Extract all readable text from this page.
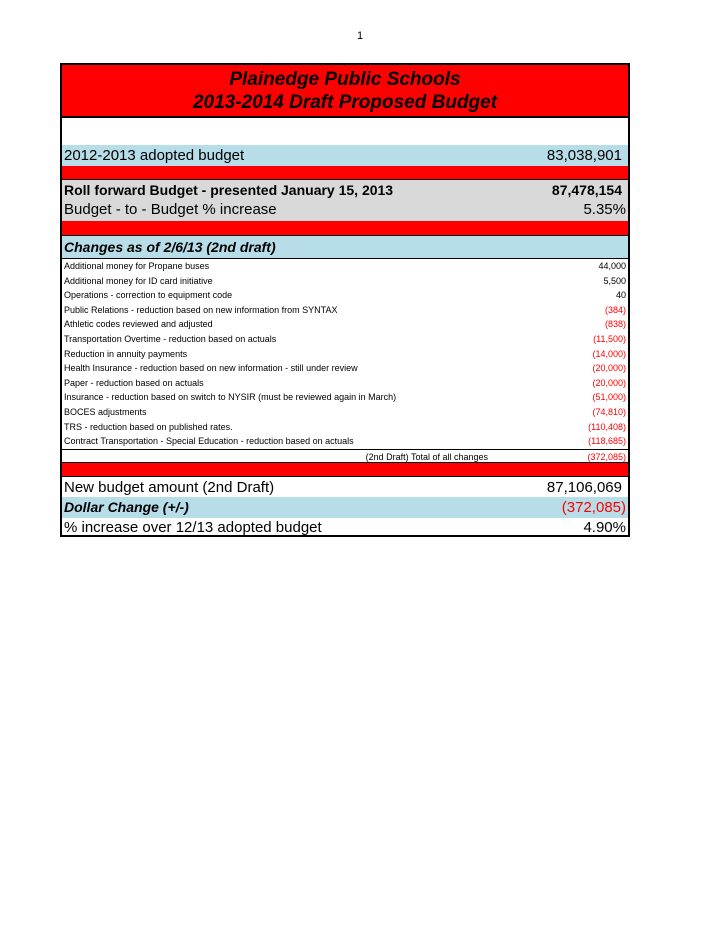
1
Plainedge Public Schools
2013-2014 Draft Proposed Budget
2012-2013 adopted budget	83,038,901
Roll forward Budget - presented January 15, 2013	87,478,154
Budget - to - Budget % increase	5.35%
Changes as of 2/6/13 (2nd draft)
Additional money for Propane buses	44,000
Additional money for ID card initiative	5,500
Operations - correction to equipment code	40
Public Relations - reduction based on new information from SYNTAX	(384)
Athletic codes reviewed and adjusted	(838)
Transportation Overtime - reduction based on actuals	(11,500)
Reduction in annuity payments	(14,000)
Health Insurance - reduction based on new information - still under review	(20,000)
Paper - reduction based on actuals	(20,000)
Insurance - reduction based on switch to NYSIR (must be reviewed again in March)	(51,000)
BOCES adjustments	(74,810)
TRS - reduction based on published rates.	(110,408)
Contract Transportation - Special Education - reduction based on actuals	(118,685)
(2nd Draft) Total of all changes	(372,085)
New budget amount (2nd Draft)	87,106,069
Dollar Change (+/-)	(372,085)
% increase over 12/13 adopted budget	4.90%
